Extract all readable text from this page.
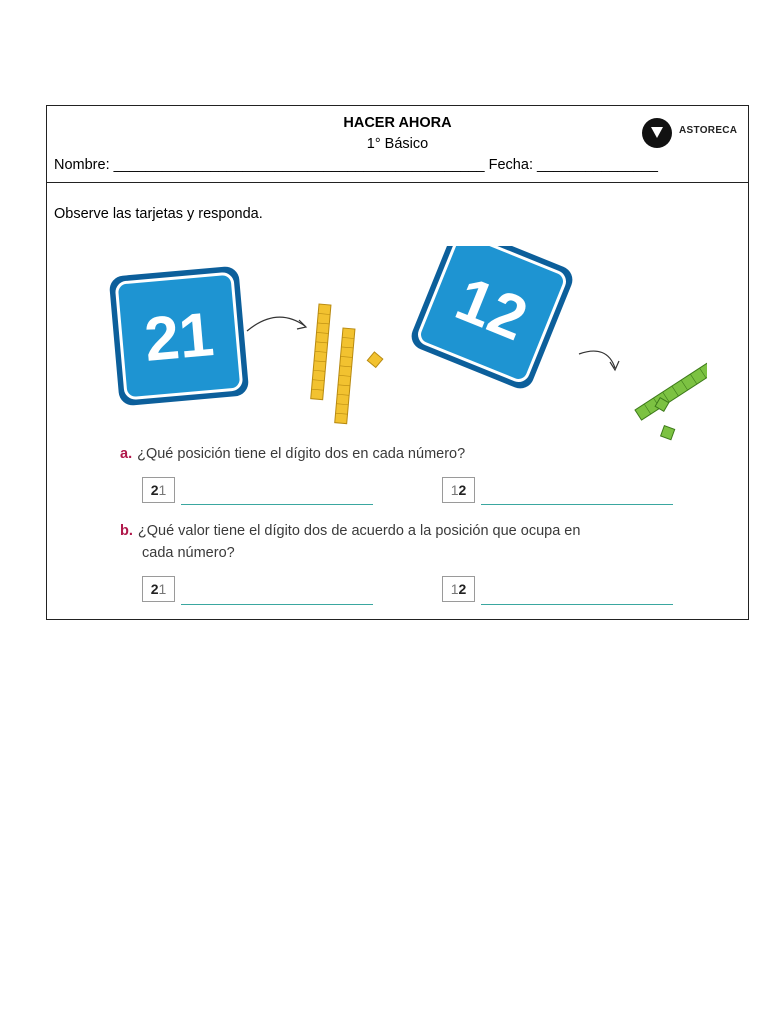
HACER AHORA
1° Básico
Nombre: ______________________________________________ Fecha: _______________
ASTORECA
Observe las tarjetas y responda.
21	12
a. ¿Qué posición tiene el dígito dos en cada número?
21	12
b. ¿Qué valor tiene el dígito dos de acuerdo a la posición que ocupa en
cada número?
21	12
